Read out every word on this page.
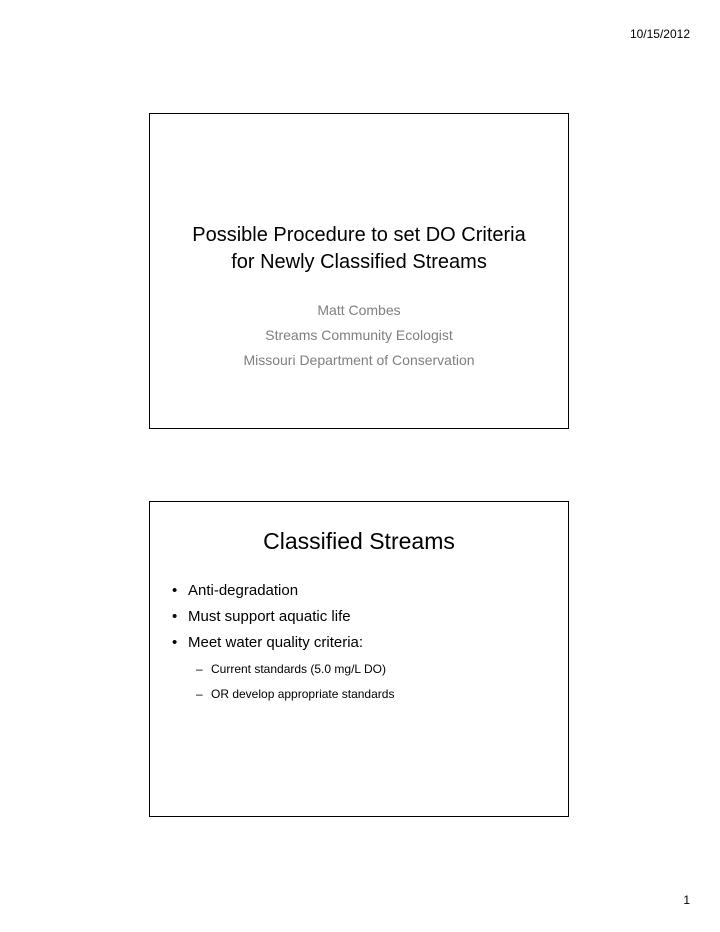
10/15/2012
Possible Procedure to set DO Criteria
for Newly Classified Streams
Matt Combes
Streams Community Ecologist
Missouri Department of Conservation
Classified Streams
• Anti-degradation
• Must support aquatic life
• Meet water quality criteria:
– Current standards (5.0 mg/L DO)
– OR develop appropriate standards
1
